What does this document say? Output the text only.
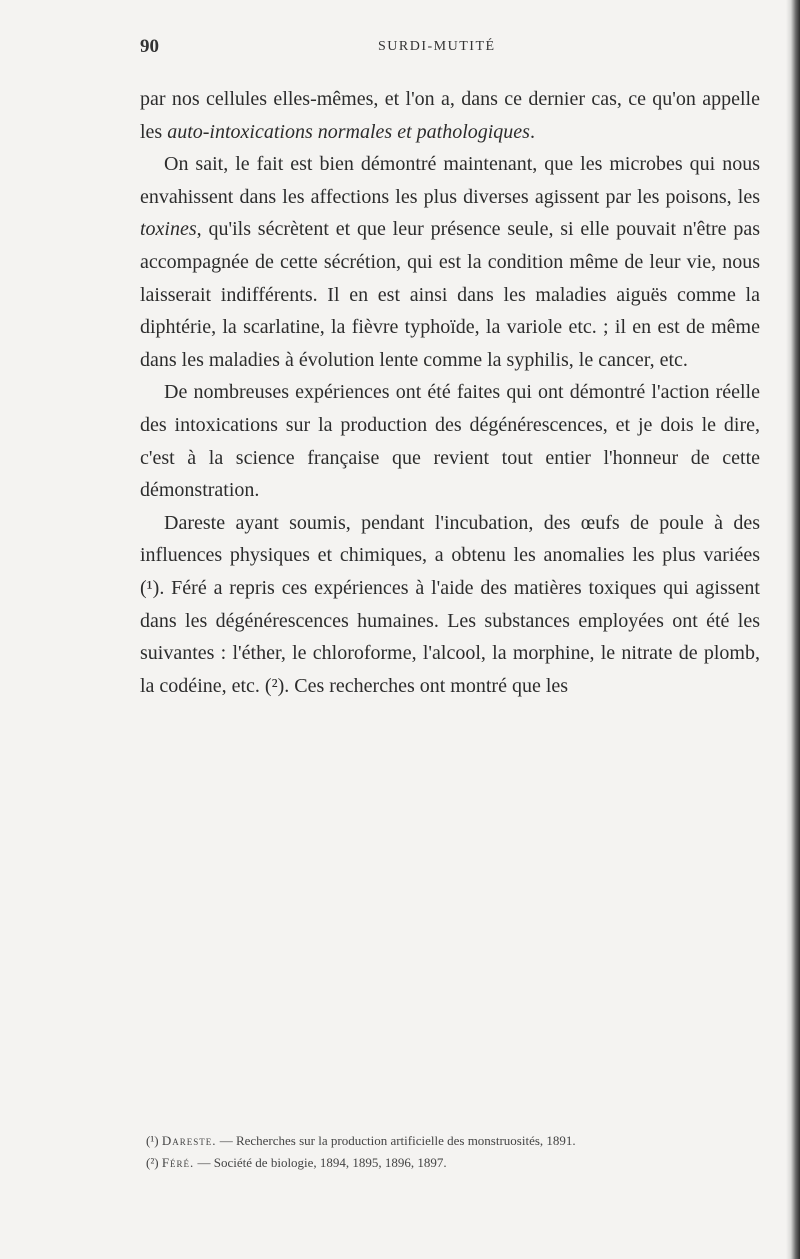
90	SURDI-MUTITÉ

par nos cellules elles-mêmes, et l'on a, dans ce dernier cas, ce qu'on appelle les auto-intoxications normales et pathologiques.

On sait, le fait est bien démontré maintenant, que les microbes qui nous envahissent dans les affections les plus diverses agissent par les poisons, les toxines, qu'ils sécrètent et que leur présence seule, si elle pouvait n'être pas accompagnée de cette sécrétion, qui est la condition même de leur vie, nous laisserait indifférents. Il en est ainsi dans les maladies aiguës comme la diphtérie, la scarlatine, la fièvre typhoïde, la variole etc. ; il en est de même dans les maladies à évolution lente comme la syphilis, le cancer, etc.

De nombreuses expériences ont été faites qui ont démontré l'action réelle des intoxications sur la production des dégénérescences, et je dois le dire, c'est à la science française que revient tout entier l'honneur de cette démonstration.

Dareste ayant soumis, pendant l'incubation, des œufs de poule à des influences physiques et chimiques, a obtenu les anomalies les plus variées (¹). Féré a repris ces expériences à l'aide des matières toxiques qui agissent dans les dégénérescences humaines. Les substances employées ont été les suivantes : l'éther, le chloroforme, l'alcool, la morphine, le nitrate de plomb, la codéine, etc. (²). Ces recherches ont montré que les

(¹) Dareste. — Recherches sur la production artificielle des monstruosités, 1891.

(²) Féré. — Société de biologie, 1894, 1895, 1896, 1897.
